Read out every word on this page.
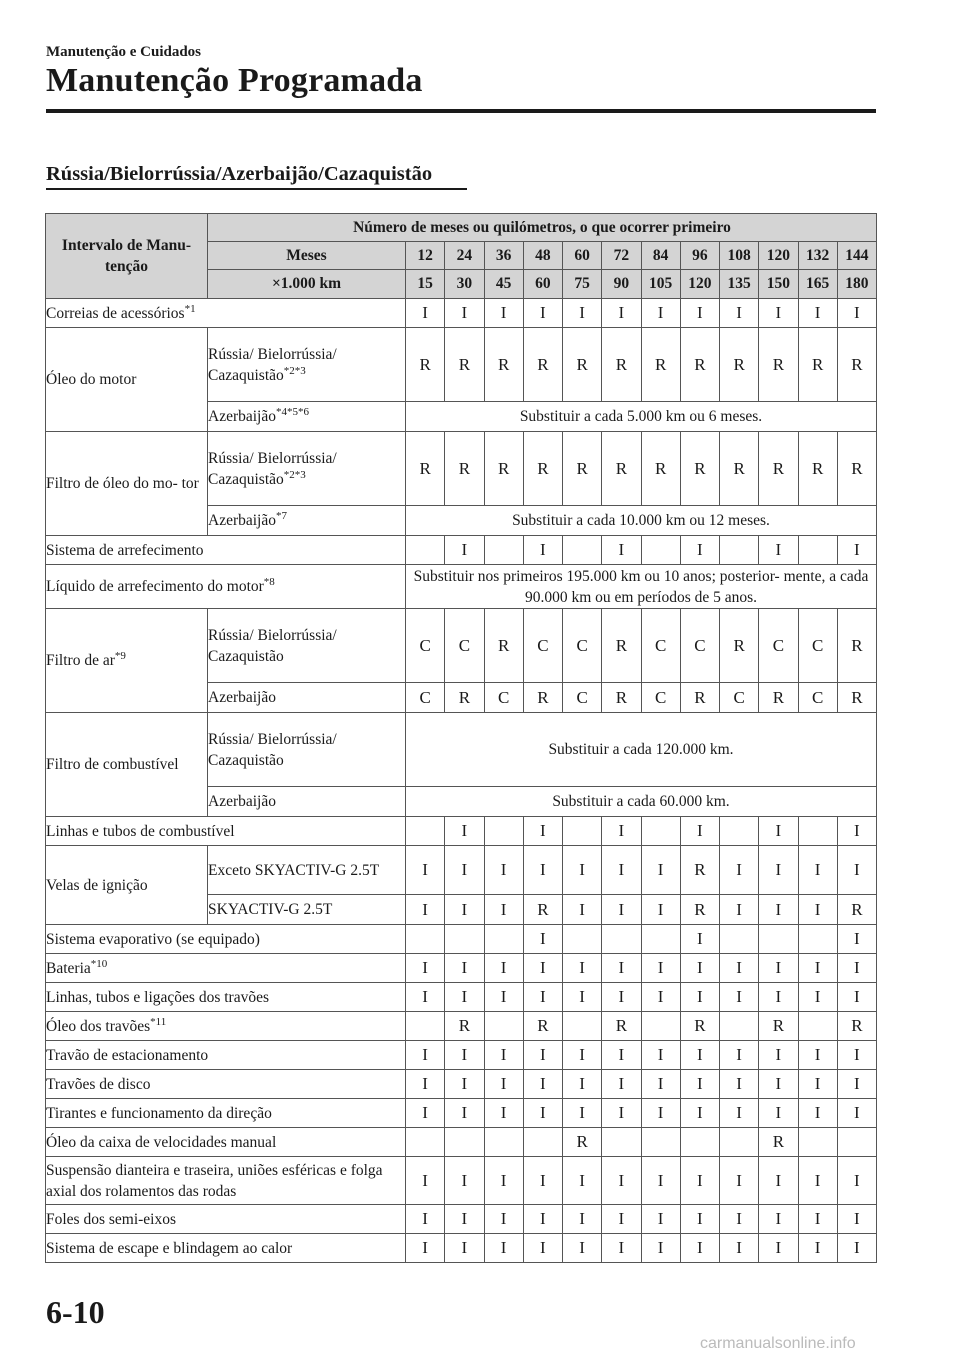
Manutenção e Cuidados
Manutenção Programada
Rússia/Bielorrússia/Azerbaijão/Cazaquistão
Intervalo de Manu-tenção	Número de meses ou quilómetros, o que ocorrer primeiro												
	Meses	12	24	36	48	60	72	84	96	108	120	132	144
	×1.000 km	15	30	45	60	75	90	105	120	135	150	165	180
Correias de acessórios$^{*1}$		I	I	I	I	I	I	I	I	I	I	I	I
Óleo do motor	Rússia/ Bielorrússia/ Cazaquistão$^{*2*3}$	R	R	R	R	R	R	R	R	R	R	R	R
	Azerbaijão$^{*4*5*6}$	Substituir a cada 5.000 km ou 6 meses.											
Filtro de óleo do mo- tor	Rússia/ Bielorrússia/ Cazaquistão$^{*2*3}$	R	R	R	R	R	R	R	R	R	R	R	R
	Azerbaijão$^{*7}$	Substituir a cada 10.000 km ou 12 meses.											
Sistema de arrefecimento			I		I		I		I		I		I
Líquido de arrefecimento do motor$^{*8}$		Substituir nos primeiros 195.000 km ou 10 anos; posterior- mente, a cada 90.000 km ou em períodos de 5 anos.											
Filtro de $ar^{*9}$	Rússia/ Bielorrússia/ Cazaquistão	C	C	R	C	C	R	C	C	R	C	C	R
	Azerbaijão	C	R	C	R	C	R	C	R	C	R	C	R
Filtro de combustível	Rússia/ Bielorrússia/ Cazaquistão	Substituir a cada 120.000 km.											
	Azerbaijão	Substituir a cada 60.000 km.											
Linhas e tubos de combustível			I		I		I		I		I		I
Velas de ignição	Exceto SKYACTIV-G 2.5T	I	I	I	I	I	I	I	R	I	I	I	I
	SKYACTIV-G 2.5T	I	I	I	R	I	I	I	R	I	I	I	R
Sistema evaporativo (se equipado)					I				I				I
Bateria$^{*10}$		I	I	I	I	I	I	I	I	I	I	I	I
Linhas, tubos e ligações dos travões		I	I	I	I	I	I	I	I	I	I	I	I
Óleo dos travões$^{*11}$			R		R		R		R		R		R
Travão de estacionamento		I	I	I	I	I	I	I	I	I	I	I	I
Travões de disco		I	I	I	I	I	I	I	I	I	I	I	I
Tirantes e funcionamento da direção		I	I	I	I	I	I	I	I	I	I	I	I
Óleo da caixa de velocidades manual						R					R		
Suspensão dianteira e traseira, uniões esféricas e folga axial dos rolamentos das rodas		I	I	I	I	I	I	I	I	I	I	I	I
Foles dos semi-eixos		I	I	I	I	I	I	I	I	I	I	I	I
Sistema de escape e blindagem ao calor		I	I	I	I	I	I	I	I	I	I	I	I
6-10
carmanualsonline.info
